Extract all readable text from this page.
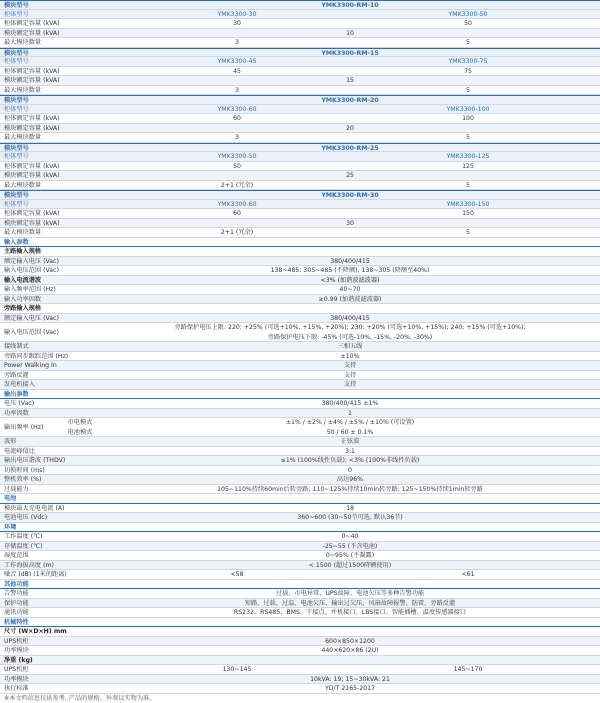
模块型号	YMK3300-RM-10
柜体型号	YMK3300-30	YMK3300-50
柜体额定容量 (kVA)	30	50
模块额定容量 (kVA)	10
最大模块数量	3	5
模块型号	YMK3300-RM-15
柜体型号	YMK3300-45	YMK3300-75
柜体额定容量 (kVA)	45	75
模块额定容量 (kVA)	15
最大模块数量	3	5
模块型号	YMK3300-RM-20
柜体型号	YMK3300-60	YMK3300-100
柜体额定容量 (kVA)	60	100
模块额定容量 (kVA)	20
最大模块数量	3	5
模块型号	YMK3300-RM-25
柜体型号	YMK3300-50	YMK3300-125
柜体额定容量 (kVA)	50	125
模块额定容量 (kVA)	25
最大模块数量	2+1 (冗余)	5
模块型号	YMK3300-RM-30
柜体型号	YMK3300-60	YMK3300-150
柜体额定容量 (kVA)	60	150
模块额定容量 (kVA)	30
最大模块数量	2+1 (冗余)	5
输入参数
主路输入规格
额定输入电压 (Vac)	380/400/415
输入电压范围 (Vac)	138~485; 305~485 (不降额), 138~305 (降额至40%)
输入电流谐波	<3% (加谐波滤波器)
输入频率范围 (Hz)	40~70
输入功率因数	≥0.99 (加谐波滤波器)
旁路输入规格
额定输入电压 (Vac)	380/400/415
输入电压范围 (Vac)
旁路保护电压上限: 220: +25% (可选+10%, +15%, +20%); 230: +20% (可选+10%, +15%); 240: +15% (可选+10%);
旁路保护电压下限: -45% (可选-10%, -15%, -20%, -30%)
接线制式	三相五线
旁路同步跟踪范围 (Hz)	±10%
Power Walking In	支持
旁路反灌	支持
发电机接入	支持
输出参数
电压 (Vac)	380/400/415 ±1%
功率因数	1
输出频率 (Hz)
市电模式	±1% / ±2% / ±4% / ±5% / ±10% (可设置)
电池模式	50 / 60 ± 0.1%
波形	正弦波
电流峰值比	3:1
输出电压谐波 (THDV)	≤1% (100%线性负载); <3% (100%非线性负载)
切换时间 (ms)	0
整机效率 (%)	高达96%
过载能力	105~110%持续60min后转旁路; 110~125%持续10min转旁路; 125~150%持续1min转旁路
电池
模块最大充电电流 (A)	18
电池电压 (Vdc)	360~600 (30~50节可选, 默认36节)
环境
工作温度 (℃)	0~40
存储温度 (℃)	-25~55 (不含电池)
湿度范围	0~95% (不凝露)
工作海拔高度 (m)	< 1500 (超过1500降额使用)
噪音 (dB) (1米的距离)	<58	<61
其他功能
告警功能	过载、市电异常、UPS故障、电池欠压等多种告警功能
保护功能	短路、过载、过温、电池欠压、输出过欠压、风扇故障报警、防雷、旁路反灌
通讯功能	RS232、RS485、BMS、干接点、并机接口、LBS接口、智能插槽、温度传感器接口
机械特性
尺寸 (W×D×H) mm
UPS机柜	600×850×1200
功率模块	440×620×86 (2U)
净重 (kg)
UPS机柜	130~145	145~170
功率模块	10kVA: 19; 15~30kVA: 21
执行标准	YD/T 2165-2017
※本文档信息仅供参考, 产品的规格、外观以实物为准。
